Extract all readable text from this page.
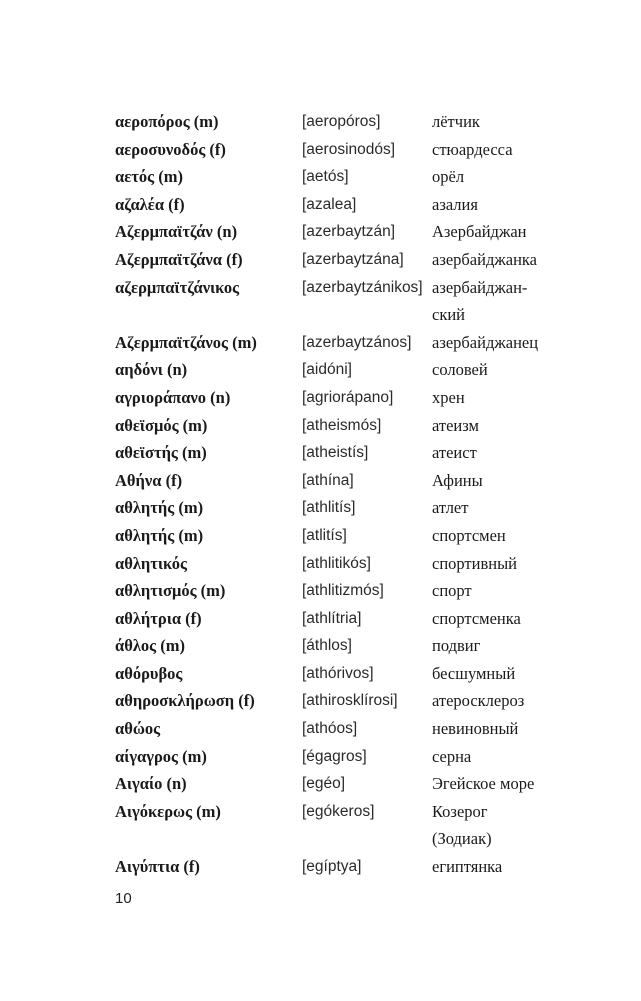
αεροπόρος (m)	[aeropóros]	лётчик
αεροσυνοδός (f)	[aerosinodós]	стюардесса
αετός (m)	[aetós]	орёл
αζαλέα (f)	[azalea]	азалия
Αζερμπαϊτζάν (n)	[azerbaytzán]	Азербайджан
Αζερμπαϊτζάνα (f)	[azerbaytzána]	азербайджанка
αζερμπαϊτζάνικος	[azerbaytzánikos] азербайджан-
ский
Αζερμπαϊτζάνος (m)	[azerbaytzános]	азербайджанец
αηδόνι (n)	[aidóni]	соловей
αγριοράπανο (n)	[agriorápano]	хрен
αθεϊσμός (m)	[atheismós]	атеизм
αθεϊστής (m)	[atheistís]	атеист
Αθήνα (f)	[athína]	Афины
αθλητής (m)	[athlitís]	атлет
αθλητής (m)	[atlitís]	спортсмен
αθλητικός	[athlitikós]	спортивный
αθλητισμός (m)	[athlitizmós]	спорт
αθλήτρια (f)	[athlítria]	спортсменка
άθλος (m)	[áthlos]	подвиг
αθόρυβος	[athórivos]	бесшумный
αθηροσκλήρωση (f)	[athirosklírosi]	атеросклероз
αθώος	[athóos]	невиновный
αίγαγρος (m)	[égagros]	серна
Αιγαίο (n)	[egéo]	Эгейское море
Αιγόκερως (m)	[egókeros]	Козерог
(Зодиак)
Αιγύπτια (f)	[egíptya]	египтянка
10
